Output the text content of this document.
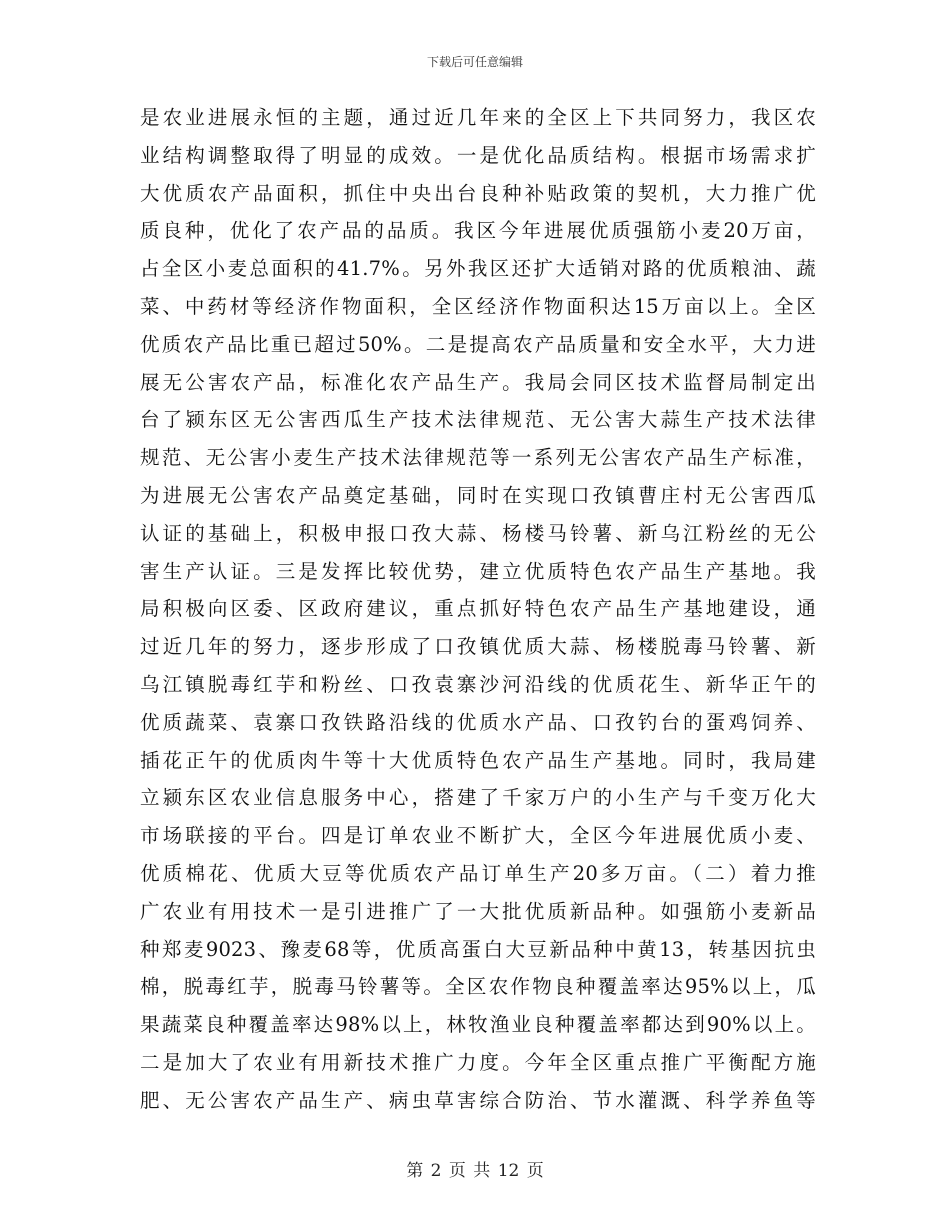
下载后可任意编辑
是农业进展永恒的主题，通过近几年来的全区上下共同努力，我区农
业结构调整取得了明显的成效。一是优化品质结构。根据市场需求扩
大优质农产品面积，抓住中央出台良种补贴政策的契机，大力推广优
质良种，优化了农产品的品质。我区今年进展优质强筋小麦20万亩，
占全区小麦总面积的41.7%。另外我区还扩大适销对路的优质粮油、蔬
菜、中药材等经济作物面积，全区经济作物面积达15万亩以上。全区
优质农产品比重已超过50%。二是提高农产品质量和安全水平，大力进
展无公害农产品，标准化农产品生产。我局会同区技术监督局制定出
台了颍东区无公害西瓜生产技术法律规范、无公害大蒜生产技术法律
规范、无公害小麦生产技术法律规范等一系列无公害农产品生产标准，
为进展无公害农产品奠定基础，同时在实现口孜镇曹庄村无公害西瓜
认证的基础上，积极申报口孜大蒜、杨楼马铃薯、新乌江粉丝的无公
害生产认证。三是发挥比较优势，建立优质特色农产品生产基地。我
局积极向区委、区政府建议，重点抓好特色农产品生产基地建设，通
过近几年的努力，逐步形成了口孜镇优质大蒜、杨楼脱毒马铃薯、新
乌江镇脱毒红芋和粉丝、口孜袁寨沙河沿线的优质花生、新华正午的
优质蔬菜、袁寨口孜铁路沿线的优质水产品、口孜钓台的蛋鸡饲养、
插花正午的优质肉牛等十大优质特色农产品生产基地。同时，我局建
立颍东区农业信息服务中心，搭建了千家万户的小生产与千变万化大
市场联接的平台。四是订单农业不断扩大，全区今年进展优质小麦、
优质棉花、优质大豆等优质农产品订单生产20多万亩。（二）着力推
广农业有用技术一是引进推广了一大批优质新品种。如强筋小麦新品
种郑麦9023、豫麦68等，优质高蛋白大豆新品种中黄13，转基因抗虫
棉，脱毒红芋，脱毒马铃薯等。全区农作物良种覆盖率达95%以上，瓜
果蔬菜良种覆盖率达98%以上，林牧渔业良种覆盖率都达到90%以上。
二是加大了农业有用新技术推广力度。今年全区重点推广平衡配方施
肥、无公害农产品生产、病虫草害综合防治、节水灌溉、科学养鱼等
第 2 页 共 12 页
